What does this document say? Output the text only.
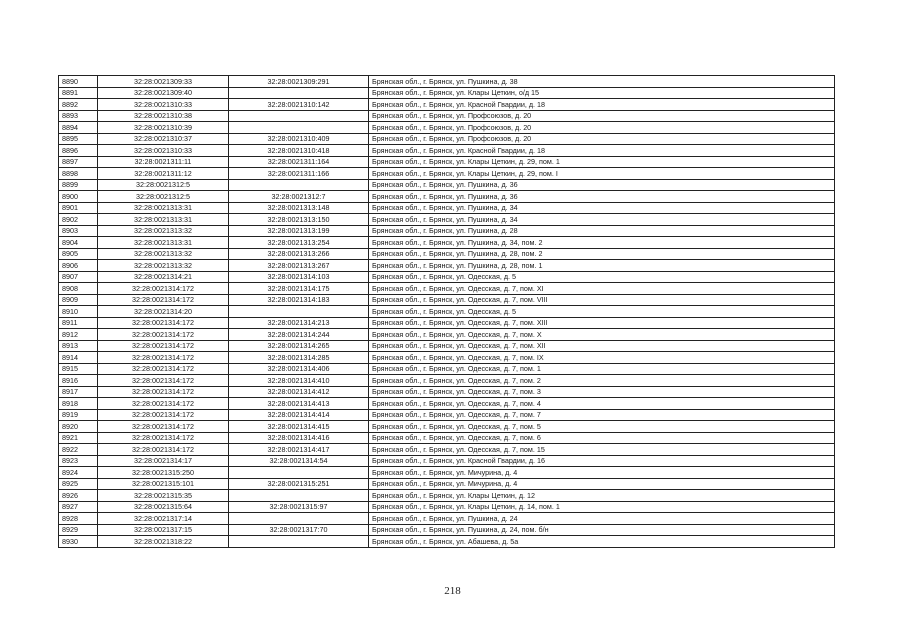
8890	32:28:0021309:33	32:28:0021309:291	Брянская обл., г. Брянск, ул. Пушкина, д. 38
8891	32:28:0021309:40		Брянская обл., г. Брянск, ул. Клары Цеткин, о/д 15
8892	32:28:0021310:33	32:28:0021310:142	Брянская обл., г. Брянск, ул. Красной Гвардии, д. 18
8893	32:28:0021310:38		Брянская обл., г. Брянск, ул. Профсоюзов, д. 20
8894	32:28:0021310:39		Брянская обл., г. Брянск, ул. Профсоюзов, д. 20
8895	32:28:0021310:37	32:28:0021310:409	Брянская обл., г. Брянск, ул. Профсоюзов, д. 20
8896	32:28:0021310:33	32:28:0021310:418	Брянская обл., г. Брянск, ул. Красной Гвардии, д. 18
8897	32:28:0021311:11	32:28:0021311:164	Брянская обл., г. Брянск, ул. Клары Цеткин, д. 29, пом. 1
8898	32:28:0021311:12	32:28:0021311:166	Брянская обл., г. Брянск, ул. Клары Цеткин, д. 29, пом. I
8899	32:28:0021312:5		Брянская обл., г. Брянск, ул. Пушкина, д. 36
8900	32:28:0021312:5	32:28:0021312:7	Брянская обл., г. Брянск, ул. Пушкина, д. 36
8901	32:28:0021313:31	32:28:0021313:148	Брянская обл., г. Брянск, ул. Пушкина, д. 34
8902	32:28:0021313:31	32:28:0021313:150	Брянская обл., г. Брянск, ул. Пушкина, д. 34
8903	32:28:0021313:32	32:28:0021313:199	Брянская обл., г. Брянск, ул. Пушкина, д. 28
8904	32:28:0021313:31	32:28:0021313:254	Брянская обл., г. Брянск, ул. Пушкина, д. 34, пом. 2
8905	32:28:0021313:32	32:28:0021313:266	Брянская обл., г. Брянск, ул. Пушкина, д. 28, пом. 2
8906	32:28:0021313:32	32:28:0021313:267	Брянская обл., г. Брянск, ул. Пушкина, д. 28, пом. 1
8907	32:28:0021314:21	32:28:0021314:103	Брянская обл., г. Брянск, ул. Одесская, д. 5
8908	32:28:0021314:172	32:28:0021314:175	Брянская обл., г. Брянск, ул. Одесская, д. 7, пом. XI
8909	32:28:0021314:172	32:28:0021314:183	Брянская обл., г. Брянск, ул. Одесская, д. 7, пом. VIII
8910	32:28:0021314:20		Брянская обл., г. Брянск, ул. Одесская, д. 5
8911	32:28:0021314:172	32:28:0021314:213	Брянская обл., г. Брянск, ул. Одесская, д. 7, пом. XIII
8912	32:28:0021314:172	32:28:0021314:244	Брянская обл., г. Брянск, ул. Одесская, д. 7, пом. X
8913	32:28:0021314:172	32:28:0021314:265	Брянская обл., г. Брянск, ул. Одесская, д. 7, пом. XII
8914	32:28:0021314:172	32:28:0021314:285	Брянская обл., г. Брянск, ул. Одесская, д. 7, пом. IX
8915	32:28:0021314:172	32:28:0021314:406	Брянская обл., г. Брянск, ул. Одесская, д. 7, пом. 1
8916	32:28:0021314:172	32:28:0021314:410	Брянская обл., г. Брянск, ул. Одесская, д. 7, пом. 2
8917	32:28:0021314:172	32:28:0021314:412	Брянская обл., г. Брянск, ул. Одесская, д. 7, пом. 3
8918	32:28:0021314:172	32:28:0021314:413	Брянская обл., г. Брянск, ул. Одесская, д. 7, пом. 4
8919	32:28:0021314:172	32:28:0021314:414	Брянская обл., г. Брянск, ул. Одесская, д. 7, пом. 7
8920	32:28:0021314:172	32:28:0021314:415	Брянская обл., г. Брянск, ул. Одесская, д. 7, пом. 5
8921	32:28:0021314:172	32:28:0021314:416	Брянская обл., г. Брянск, ул. Одесская, д. 7, пом. 6
8922	32:28:0021314:172	32:28:0021314:417	Брянская обл., г. Брянск, ул. Одесская, д. 7, пом. 15
8923	32:28:0021314:17	32:28:0021314:54	Брянская обл., г. Брянск, ул. Красной Гвардии, д. 16
8924	32:28:0021315:250		Брянская обл., г. Брянск, ул. Мичурина, д. 4
8925	32:28:0021315:101	32:28:0021315:251	Брянская обл., г. Брянск, ул. Мичурина, д. 4
8926	32:28:0021315:35		Брянская обл., г. Брянск, ул. Клары Цеткин, д. 12
8927	32:28:0021315:64	32:28:0021315:97	Брянская обл., г. Брянск, ул. Клары Цеткин, д. 14, пом. 1
8928	32:28:0021317:14		Брянская обл., г. Брянск, ул. Пушкина, д. 24
8929	32:28:0021317:15	32:28:0021317:70	Брянская обл., г. Брянск, ул. Пушкина, д. 24, пом. б/н
8930	32:28:0021318:22		Брянская обл., г. Брянск, ул. Абашева, д. 5а
218
